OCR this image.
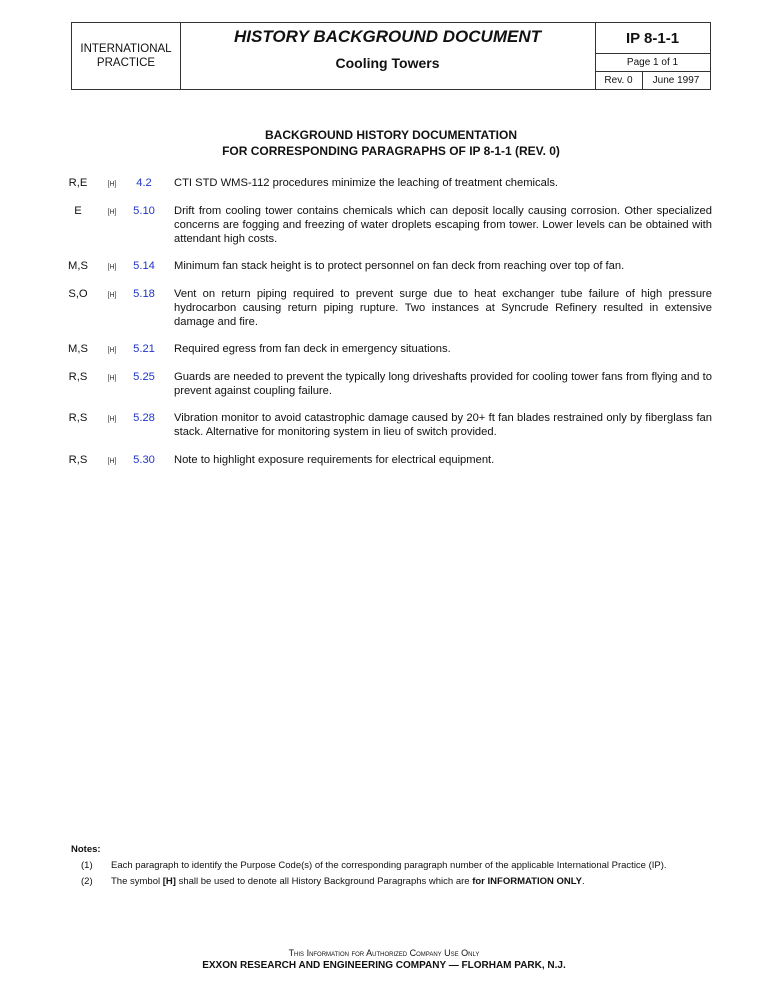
INTERNATIONAL
PRACTICE
HISTORY BACKGROUND DOCUMENT
Cooling Towers
IP 8-1-1
Page 1 of 1
Rev. 0	June 1997
BACKGROUND HISTORY DOCUMENTATION
FOR CORRESPONDING PARAGRAPHS OF IP 8-1-1 (REV. 0)
R,E	[H]	4.2	CTI STD WMS-112 procedures minimize the leaching of treatment chemicals.
E	[H]	5.10	Drift from cooling tower contains chemicals which can deposit locally causing corrosion. Other specialized concerns are fogging and freezing of water droplets escaping from tower. Lower levels can be obtained with attendant high costs.
M,S	[H]	5.14	Minimum fan stack height is to protect personnel on fan deck from reaching over top of fan.
S,O	[H]	5.18	Vent on return piping required to prevent surge due to heat exchanger tube failure of high pressure hydrocarbon causing return piping rupture. Two instances at Syncrude Refinery resulted in extensive damage and fire.
M,S	[H]	5.21	Required egress from fan deck in emergency situations.
R,S	[H]	5.25	Guards are needed to prevent the typically long driveshafts provided for cooling tower fans from flying and to prevent against coupling failure.
R,S	[H]	5.28	Vibration monitor to avoid catastrophic damage caused by 20+ ft fan blades restrained only by fiberglass fan stack. Alternative for monitoring system in lieu of switch provided.
R,S	[H]	5.30	Note to highlight exposure requirements for electrical equipment.
Notes:
(1) Each paragraph to identify the Purpose Code(s) of the corresponding paragraph number of the applicable International Practice (IP).
(2) The symbol [H] shall be used to denote all History Background Paragraphs which are for INFORMATION ONLY.
This Information for Authorized Company Use Only
EXXON RESEARCH AND ENGINEERING COMPANY — FLORHAM PARK, N.J.
